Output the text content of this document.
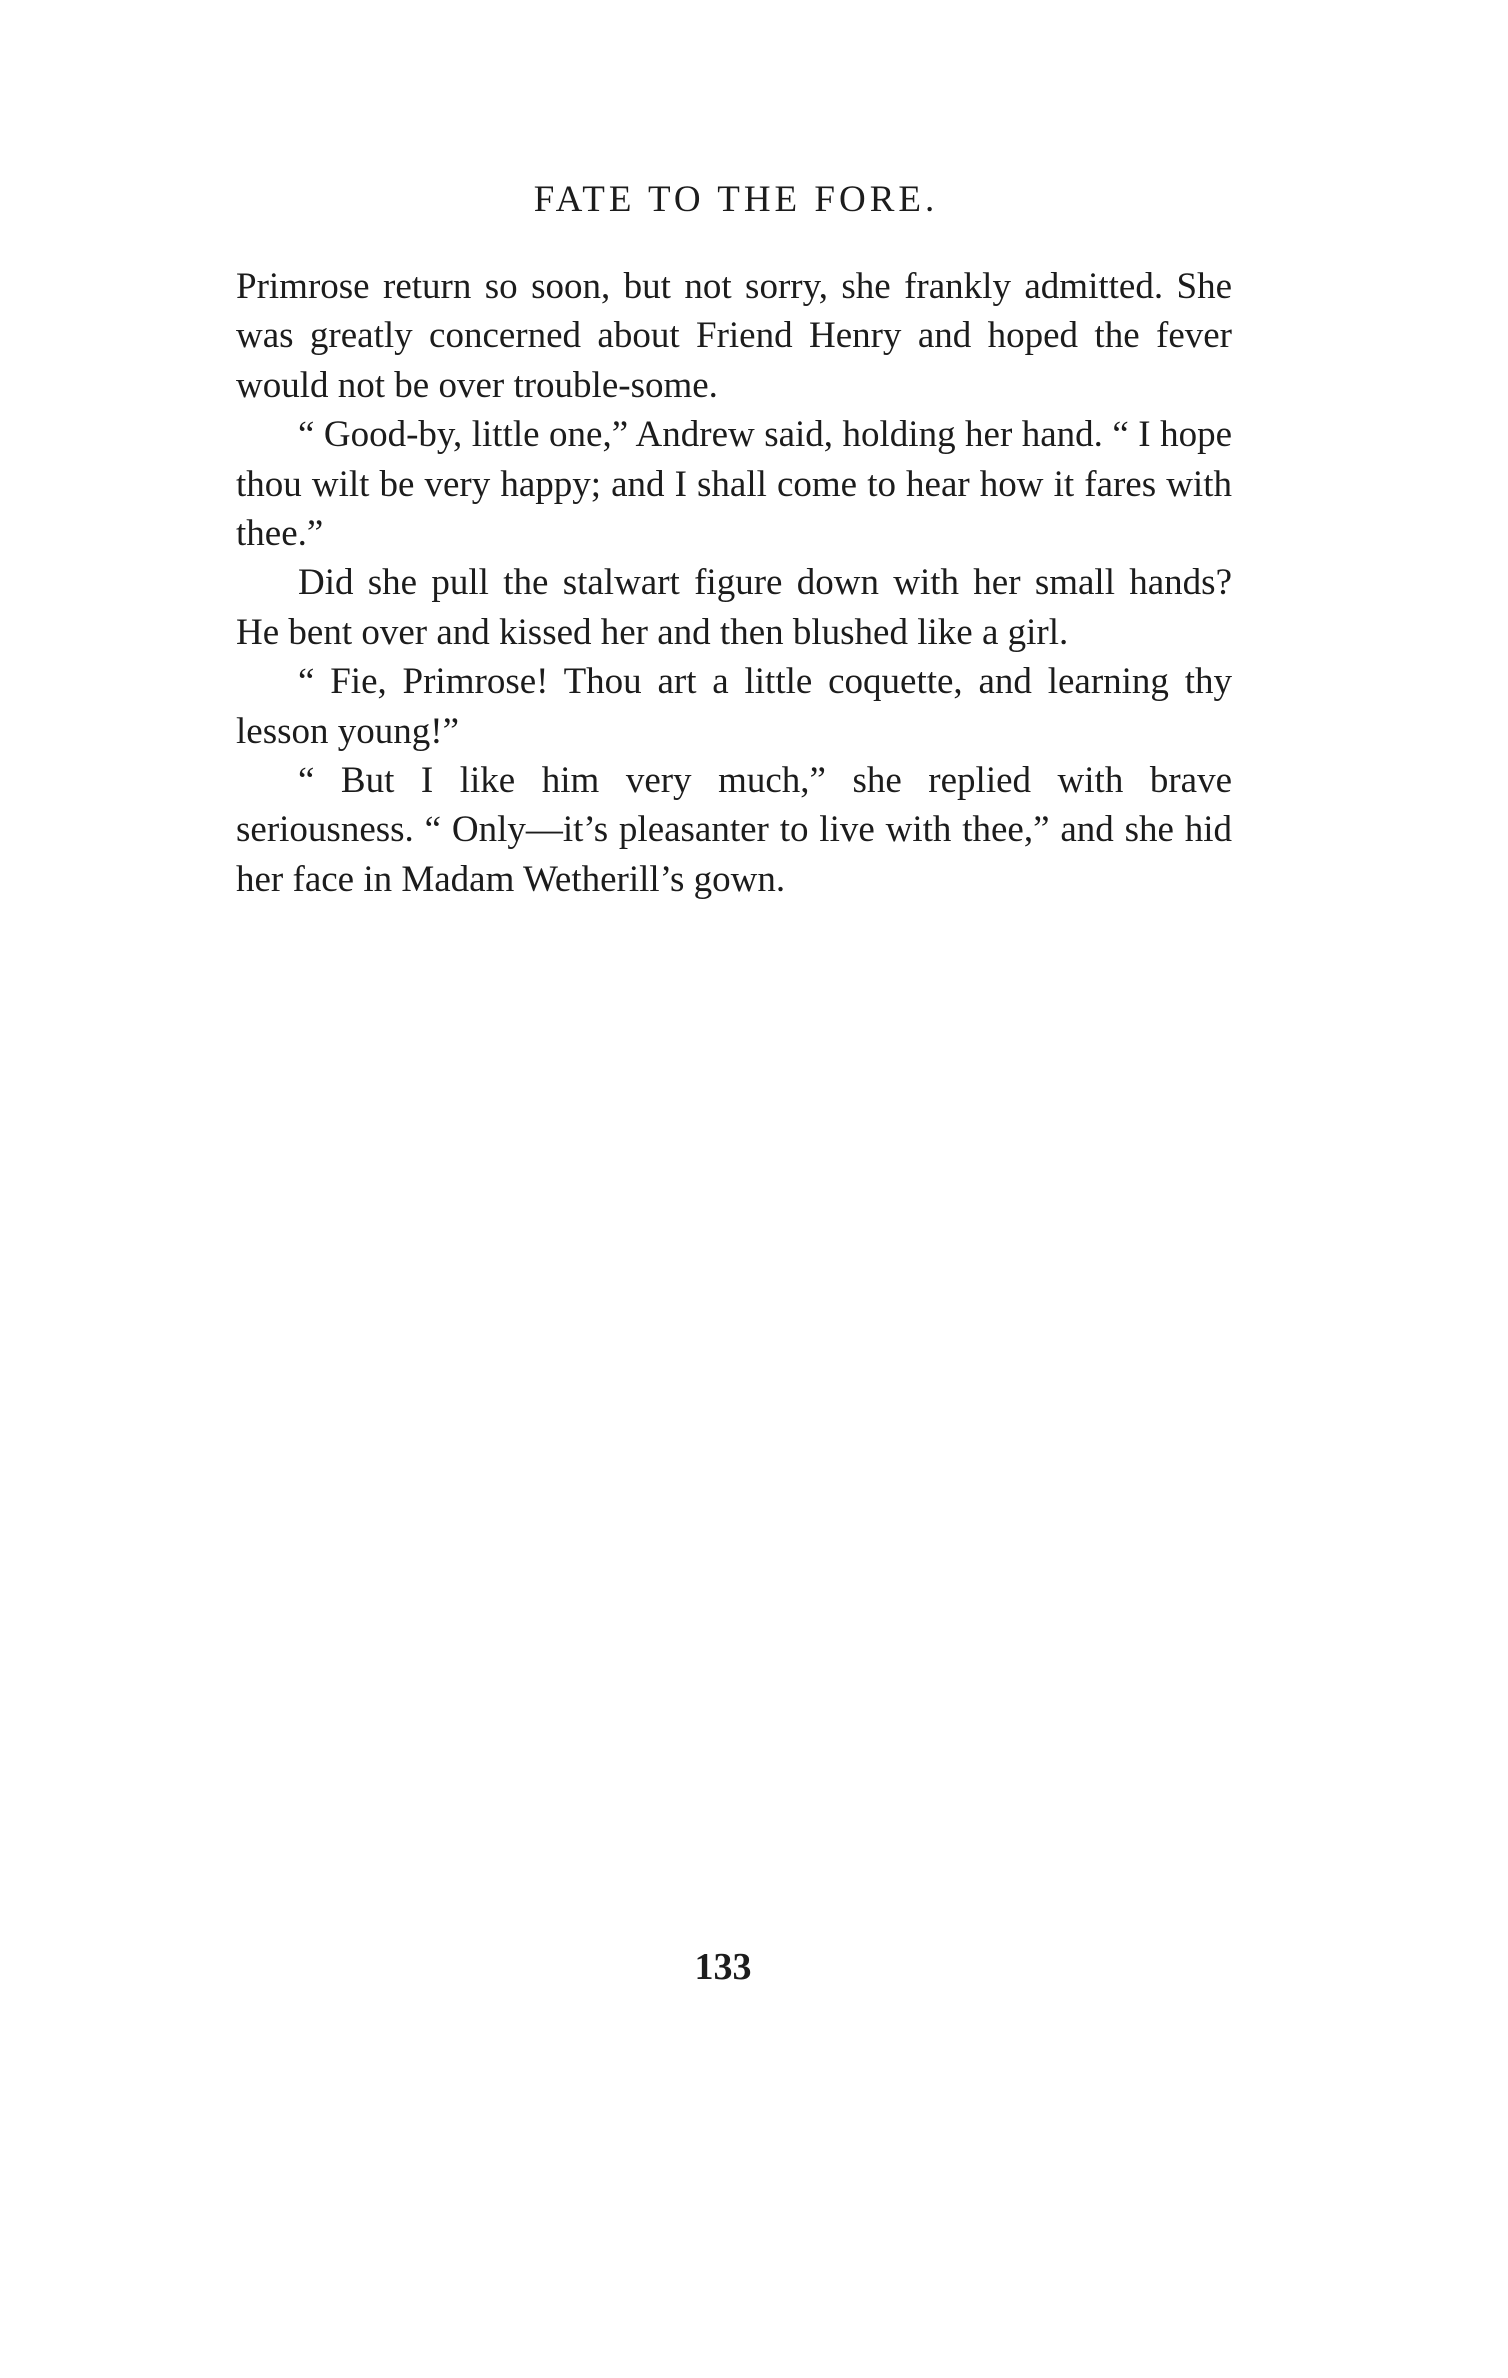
FATE TO THE FORE.

Primrose return so soon, but not sorry, she frankly admitted. She was greatly concerned about Friend Henry and hoped the fever would not be over trouble-some.

“ Good-by, little one,” Andrew said, holding her hand. “ I hope thou wilt be very happy; and I shall come to hear how it fares with thee.”

Did she pull the stalwart figure down with her small hands? He bent over and kissed her and then blushed like a girl.

“ Fie, Primrose! Thou art a little coquette, and learning thy lesson young!”

“ But I like him very much,” she replied with brave seriousness. “ Only—it’s pleasanter to live with thee,” and she hid her face in Madam Wetherill’s gown.

133
